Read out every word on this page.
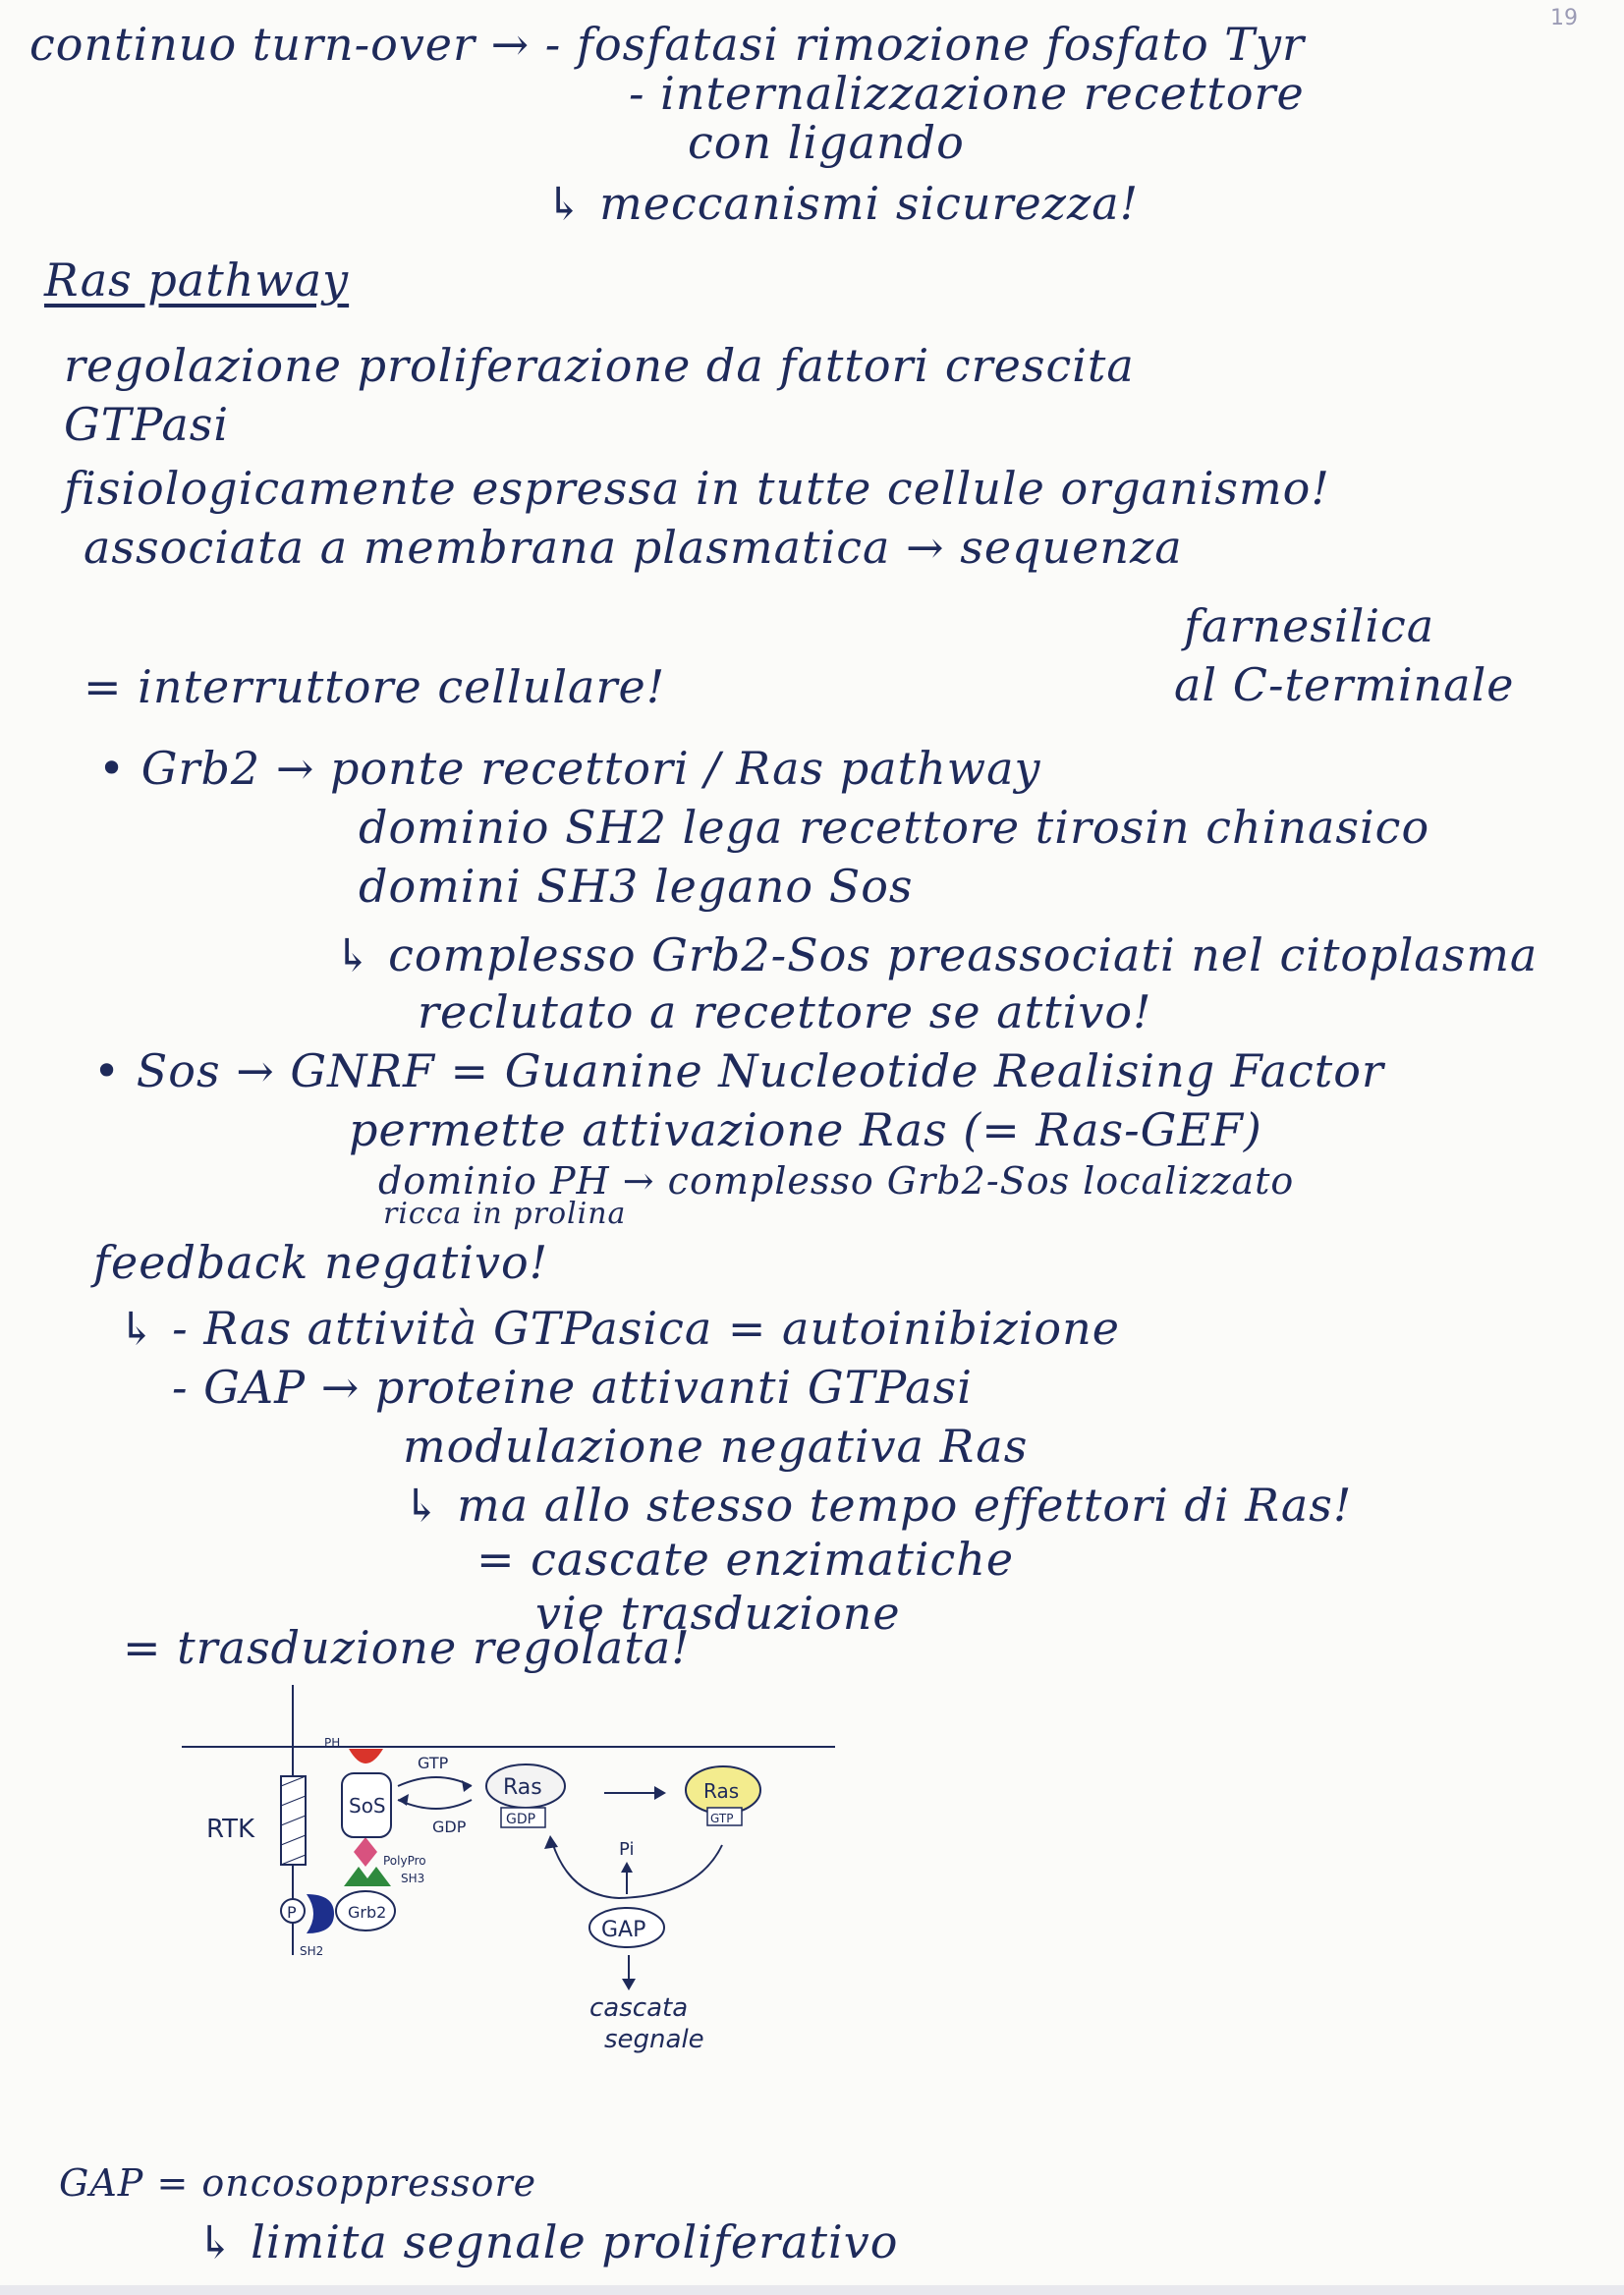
19
continuo turn-over → - fosfatasi rimozione fosfato Tyr
- internalizzazione recettore
con ligando
↳ meccanismi sicurezza!
Ras pathway
regolazione proliferazione da fattori crescita
GTPasi
fisiologicamente espressa in tutte cellule organismo!
associata a membrana plasmatica → sequenza
farnesilica
al C-terminale
= interruttore cellulare!
• Grb2 → ponte recettori / Ras pathway
dominio SH2 lega recettore tirosin chinasico
domini SH3 legano Sos
↳ complesso Grb2-Sos preassociati nel citoplasma
reclutato a recettore se attivo!
• Sos → GNRF = Guanine Nucleotide Realising Factor
permette attivazione Ras (= Ras-GEF)
dominio PH → complesso Grb2-Sos localizzato
ricca in prolina
feedback negativo!
↳ - Ras attività GTPasica = autoinibizione
- GAP → proteine attivanti GTPasi
modulazione negativa Ras
↳ ma allo stesso tempo effettori di Ras!
= cascate enzimatiche
vie trasduzione
= trasduzione regolata!
RTK
P
SH2
Grb2
SH3
PolyPro
SoS
PH
GTP
GDP
Ras
GDP
Ras
GTP
Pi
GAP
cascata
segnale
GAP = oncosoppressore
↳ limita segnale proliferativo
